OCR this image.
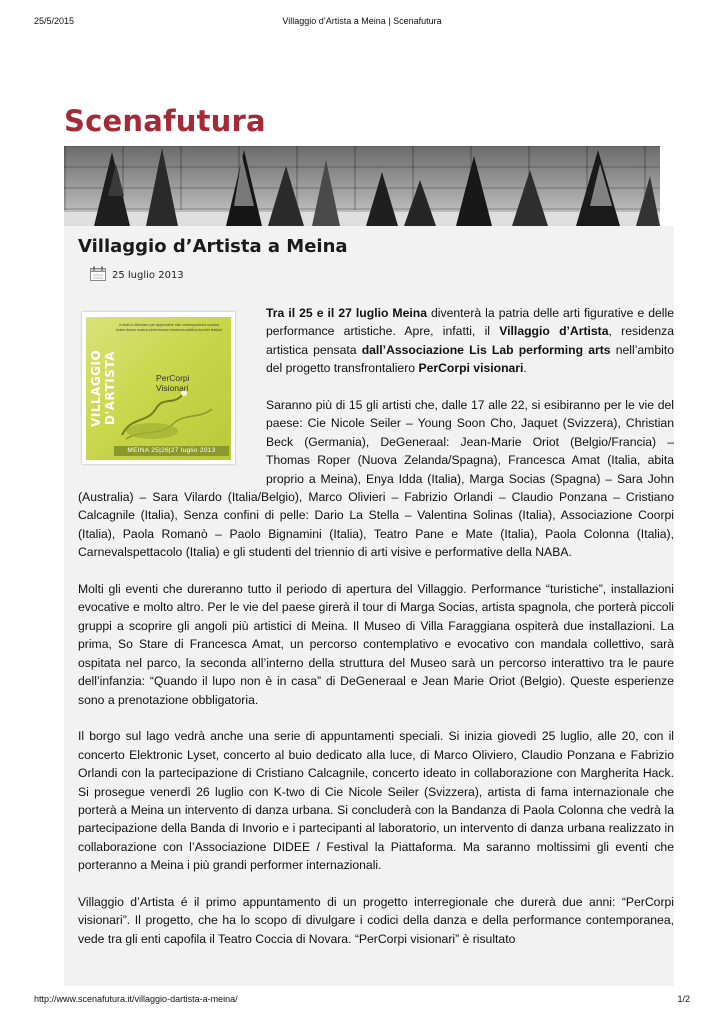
25/5/2015	Villaggio d’Artista a Meina | Scenafutura
Scenafutura
Villaggio d’Artista a Meina
25 luglio 2013
VILLAGGIO D'ARTISTA
in tanti si diventano per apprendere arte contemporanea scenica teatro danza musica performance residenza artistica incontri festival
PerCorpi Visionari
MEINA 25|26|27 luglio 2013

Tra il 25 e il 27 luglio Meina diventerà la patria delle arti figurative e delle performance artistiche. Apre, infatti, il Villaggio d’Artista, residenza artistica pensata dall’Associazione Lis Lab performing arts nell’ambito del progetto transfrontaliero PerCorpi visionari.

Saranno più di 15 gli artisti che, dalle 17 alle 22, si esibiranno per le vie del paese: Cie Nicole Seiler – Young Soon Cho, Jaquet (Svizzera), Christian Beck (Germania), DeGeneraal: Jean-Marie Oriot (Belgio/Francia) – Thomas Roper (Nuova Zelanda/Spagna), Francesca Amat (Italia, abita proprio a Meina), Enya Idda (Italia), Marga Socias (Spagna) – Sara John (Australia) – Sara Vilardo (Italia/Belgio), Marco Olivieri – Fabrizio Orlandi – Claudio Ponzana – Cristiano Calcagnile (Italia), Senza confini di pelle: Dario La Stella – Valentina Solinas (Italia), Associazione Coorpi (Italia), Paola Romanò – Paolo Bignamini (Italia), Teatro Pane e Mate (Italia), Paola Colonna (Italia), Carnevalspettacolo (Italia) e gli studenti del triennio di arti visive e performative della NABA.

Molti gli eventi che dureranno tutto il periodo di apertura del Villaggio. Performance “turistiche”, installazioni evocative e molto altro. Per le vie del paese girerà il tour di Marga Socias, artista spagnola, che porterà piccoli gruppi a scoprire gli angoli più artistici di Meina. Il Museo di Villa Faraggiana ospiterà due installazioni. La prima, So Stare di Francesca Amat, un percorso contemplativo e evocativo con mandala collettivo, sarà ospitata nel parco, la seconda all’interno della struttura del Museo sarà un percorso interattivo tra le paure dell’infanzia: “Quando il lupo non è in casa” di DeGeneraal e Jean Marie Oriot (Belgio). Queste esperienze sono a prenotazione obbligatoria.

Il borgo sul lago vedrà anche una serie di appuntamenti speciali. Si inizia giovedì 25 luglio, alle 20, con il concerto Elektronic Lyset, concerto al buio dedicato alla luce, di Marco Oliviero, Claudio Ponzana e Fabrizio Orlandi con la partecipazione di Cristiano Calcagnile, concerto ideato in collaborazione con Margherita Hack. Si prosegue venerdì 26 luglio con K-two di Cie Nicole Seiler (Svizzera), artista di fama internazionale che porterà a Meina un intervento di danza urbana. Si concluderà con la Bandanza di Paola Colonna che vedrà la partecipazione della Banda di Invorio e i partecipanti al laboratorio, un intervento di danza urbana realizzato in collaborazione con l’Associazione DIDEE / Festival la Piattaforma. Ma saranno moltissimi gli eventi che porteranno a Meina i più grandi performer internazionali.

Villaggio d’Artista é il primo appuntamento di un progetto interregionale che durerà due anni: “PerCorpi visionari”. Il progetto, che ha lo scopo di divulgare i codici della danza e della performance contemporanea, vede tra gli enti capofila il Teatro Coccia di Novara. “PerCorpi visionari” è risultato

http://www.scenafutura.it/villaggio-dartista-a-meina/	1/2
